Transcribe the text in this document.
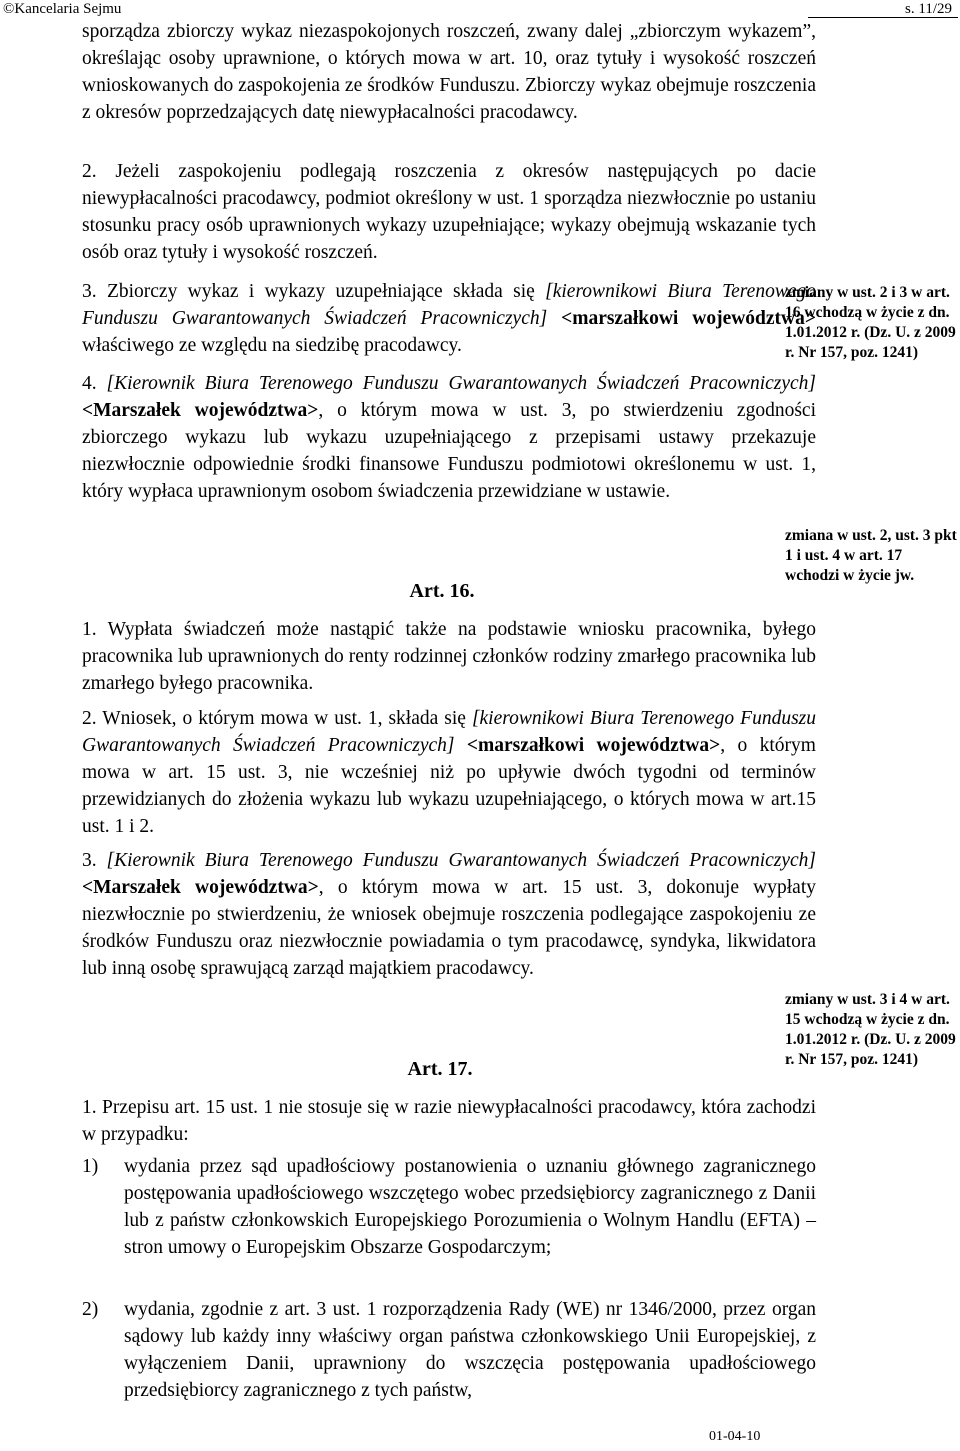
©Kancelaria Sejmu	s. 11/29

sporządza zbiorczy wykaz niezaspokojonych roszczeń, zwany dalej „zbiorczym wykazem”, określając osoby uprawnione, o których mowa w art. 10, oraz tytuły i wysokość roszczeń wnioskowanych do zaspokojenia ze środków Funduszu. Zbiorczy wykaz obejmuje roszczenia z okresów poprzedzających datę niewypłacalności pracodawcy.

2. Jeżeli zaspokojeniu podlegają roszczenia z okresów następujących po dacie niewypłacalności pracodawcy, podmiot określony w ust. 1 sporządza niezwłocznie po ustaniu stosunku pracy osób uprawnionych wykazy uzupełniające; wykazy obejmują wskazanie tych osób oraz tytuły i wysokość roszczeń.

3. Zbiorczy wykaz i wykazy uzupełniające składa się [kierownikowi Biura Terenowego Funduszu Gwarantowanych Świadczeń Pracowniczych] <marszałkowi województwa> właściwego ze względu na siedzibę pracodawcy.

4. [Kierownik Biura Terenowego Funduszu Gwarantowanych Świadczeń Pracowniczych] <Marszałek województwa>, o którym mowa w ust. 3, po stwierdzeniu zgodności zbiorczego wykazu lub wykazu uzupełniającego z przepisami ustawy przekazuje niezwłocznie odpowiednie środki finansowe Funduszu podmiotowi określonemu w ust. 1, który wypłaca uprawnionym osobom świadczenia przewidziane w ustawie.

Art. 16.

1. Wypłata świadczeń może nastąpić także na podstawie wniosku pracownika, byłego pracownika lub uprawnionych do renty rodzinnej członków rodziny zmarłego pracownika lub zmarłego byłego pracownika.

2. Wniosek, o którym mowa w ust. 1, składa się [kierownikowi Biura Terenowego Funduszu Gwarantowanych Świadczeń Pracowniczych] <marszałkowi województwa>, o którym mowa w art. 15 ust. 3, nie wcześniej niż po upływie dwóch tygodni od terminów przewidzianych do złożenia wykazu lub wykazu uzupełniającego, o których mowa w art.15 ust. 1 i 2.

3. [Kierownik Biura Terenowego Funduszu Gwarantowanych Świadczeń Pracowniczych] <Marszałek województwa>, o którym mowa w art. 15 ust. 3, dokonuje wypłaty niezwłocznie po stwierdzeniu, że wniosek obejmuje roszczenia podlegające zaspokojeniu ze środków Funduszu oraz niezwłocznie powiadamia o tym pracodawcę, syndyka, likwidatora lub inną osobę sprawującą zarząd majątkiem pracodawcy.

Art. 17.

1. Przepisu art. 15 ust. 1 nie stosuje się w razie niewypłacalności pracodawcy, która zachodzi w przypadku:

1) wydania przez sąd upadłościowy postanowienia o uznaniu głównego zagranicznego postępowania upadłościowego wszczętego wobec przedsiębiorcy zagranicznego z Danii lub z państw członkowskich Europejskiego Porozumienia o Wolnym Handlu (EFTA) – stron umowy o Europejskim Obszarze Gospodarczym;

2) wydania, zgodnie z art. 3 ust. 1 rozporządzenia Rady (WE) nr 1346/2000, przez organ sądowy lub każdy inny właściwy organ państwa członkowskiego Unii Europejskiej, z wyłączeniem Danii, uprawniony do wszczęcia postępowania upadłościowego przedsiębiorcy zagranicznego z tych państw,

zmiany w ust. 2 i 3 w art. 16 wchodzą w życie z dn. 1.01.2012 r. (Dz. U. z 2009 r. Nr 157, poz. 1241)
zmiana w ust. 2, ust. 3 pkt 1 i ust. 4 w art. 17 wchodzi w życie jw.
zmiany w ust. 3 i 4 w art. 15 wchodzą w życie z dn. 1.01.2012 r. (Dz. U. z 2009 r. Nr 157, poz. 1241)
01-04-10
